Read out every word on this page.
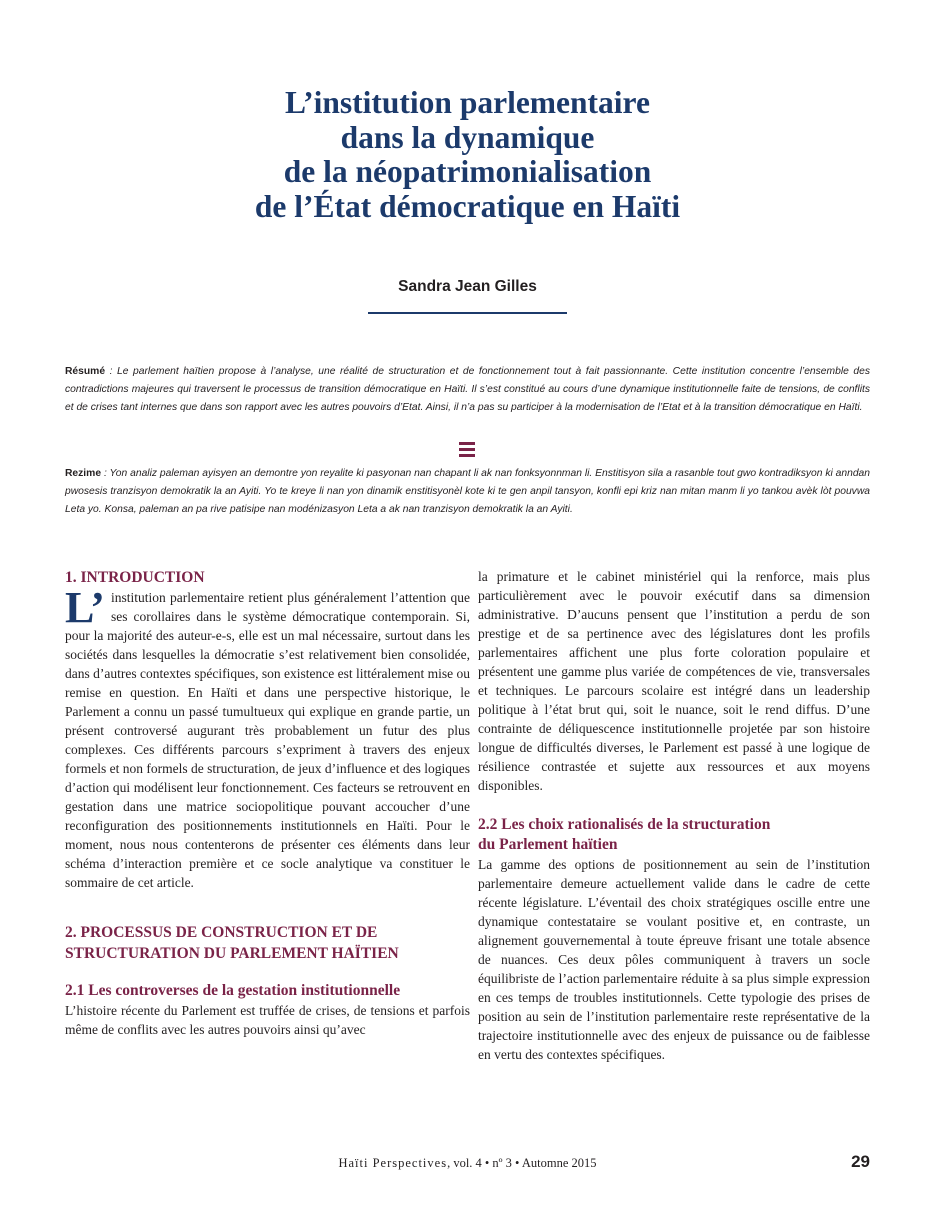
L’institution parlementaire
dans la dynamique
de la néopatrimonialisation
de l’État démocratique en Haïti
Sandra Jean Gilles

Résumé : Le parlement haïtien propose à l’analyse, une réalité de structuration et de fonctionnement tout à fait passionnante. Cette institution concentre l’ensemble des contradictions majeures qui traversent le processus de transition démocratique en Haïti. Il s’est constitué au cours d’une dynamique institutionnelle faite de tensions, de conflits et de crises tant internes que dans son rapport avec les autres pouvoirs d’Etat. Ainsi, il n’a pas su participer à la modernisation de l’Etat et à la transition démocratique en Haïti.

Rezime : Yon analiz paleman ayisyen an demontre yon reyalite ki pasyonan nan chapant li ak nan fonksyonnman li. Enstitisyon sila a rasanble tout gwo kontradiksyon ki anndan pwosesis tranzisyon demokratik la an Ayiti. Yo te kreye li nan yon dinamik enstitisyonèl kote ki te gen anpil tansyon, konfli epi kriz nan mitan manm li yo tankou avèk lòt pouvwa Leta yo. Konsa, paleman an pa rive patisipe nan modénizasyon Leta a ak nan tranzisyon demokratik la an Ayiti.

1. INTRODUCTION

L’ institution parlementaire retient plus généralement l’attention que ses corollaires dans le système démocratique contemporain. Si, pour la majorité des auteur-e-s, elle est un mal nécessaire, surtout dans les sociétés dans lesquelles la démocratie s’est relativement bien consolidée, dans d’autres contextes spécifiques, son existence est littéralement mise ou remise en question. En Haïti et dans une perspective historique, le Parlement a connu un passé tumultueux qui explique en grande partie, un présent controversé augurant très probablement un futur des plus complexes. Ces différents parcours s’expriment à travers des enjeux formels et non formels de structuration, de jeux d’influence et des logiques d’action qui modélisent leur fonctionnement. Ces facteurs se retrouvent en gestation dans une matrice sociopolitique pouvant accoucher d’une reconfiguration des positionnements institutionnels en Haïti. Pour le moment, nous nous contenterons de présenter ces éléments dans leur schéma d’interaction première et ce socle analytique va constituer le sommaire de cet article.

2. PROCESSUS DE CONSTRUCTION ET DE
STRUCTURATION DU PARLEMENT HAÏTIEN
2.1 Les controverses de la gestation institutionnelle

L’histoire récente du Parlement est truffée de crises, de tensions et parfois même de conflits avec les autres pouvoirs ainsi qu’avec

la primature et le cabinet ministériel qui la renforce, mais plus particulièrement avec le pouvoir exécutif dans sa dimension administrative. D’aucuns pensent que l’institution a perdu de son prestige et de sa pertinence avec des législatures dont les profils parlementaires affichent une plus forte coloration populaire et présentent une gamme plus variée de compétences de vie, transversales et techniques. Le parcours scolaire est intégré dans un leadership politique à l’état brut qui, soit le nuance, soit le rend diffus. D’une contrainte de déliquescence institutionnelle projetée par son histoire longue de difficultés diverses, le Parlement est passé à une logique de résilience contrastée et sujette aux ressources et aux moyens disponibles.

2.2 Les choix rationalisés de la structuration
du Parlement haïtien

La gamme des options de positionnement au sein de l’institution parlementaire demeure actuellement valide dans le cadre de cette récente législature. L’éventail des choix stratégiques oscille entre une dynamique contestataire se voulant positive et, en contraste, un alignement gouvernemental à toute épreuve frisant une totale absence de nuances. Ces deux pôles communiquent à travers un socle équilibriste de l’action parlementaire réduite à sa plus simple expression en ces temps de troubles institutionnels. Cette typologie des prises de position au sein de l’institution parlementaire reste représentative de la trajectoire institutionnelle avec des enjeux de puissance ou de faiblesse en vertu des contextes spécifiques.

Haïti Perspectives, vol. 4 • nº 3 • Automne 2015	29
